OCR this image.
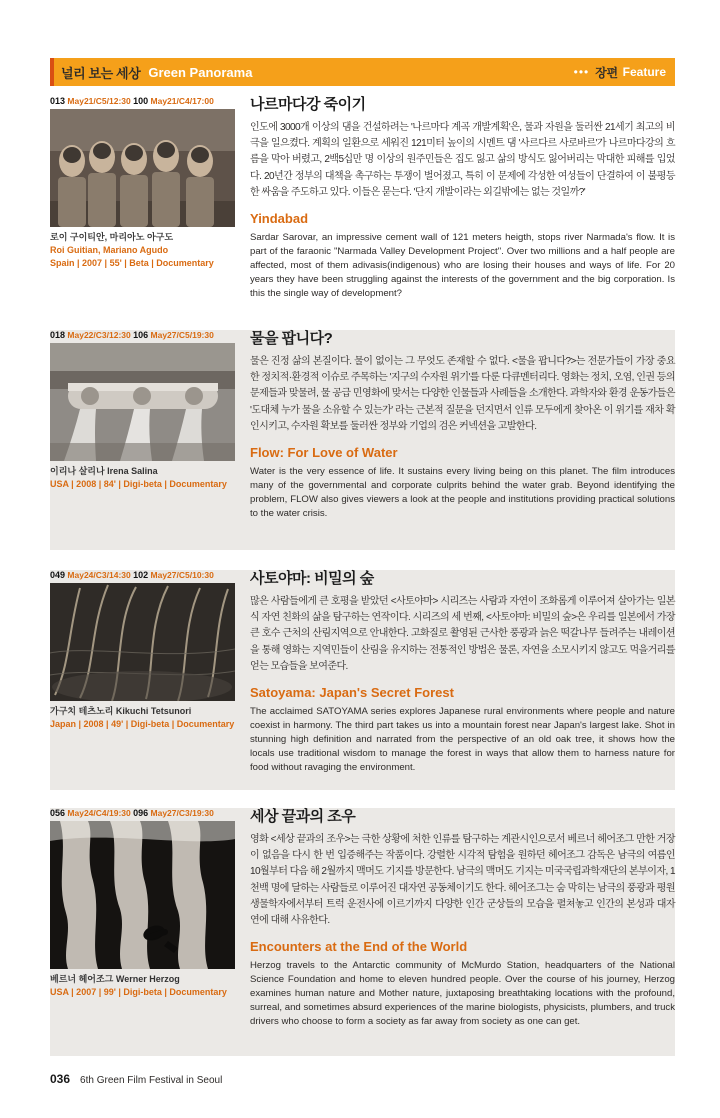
널리 보는 세상 Green Panorama	••• 장편 Feature
013 May21/C5/12:30 100 May21/C4/17:00
로이 구이티안, 마리아노 아구도
Roi Guitian, Mariano Agudo
Spain | 2007 | 55' | Beta | Documentary
나르마다강 죽이기

인도에 3000개 이상의 댐을 건설하려는 '나르마다 계곡 개발계획'은, 물과 자원을 둘러싼 21세기 최고의 비극을 일으켰다. 계획의 일환으로 세워진 121미터 높이의 시멘트 댐 '사르다르 사로바르'가 나르마다강의 흐름을 막아 버렸고, 2백5십만 명 이상의 원주민들은 집도 잃고 삶의 방식도 잃어버리는 막대한 피해를 입었다. 20년간 정부의 대책을 촉구하는 투쟁이 벌어졌고, 특히 이 문제에 각성한 여성들이 단결하여 이 불평등한 싸움을 주도하고 있다. 이들은 묻는다. '단지 개발이라는 외길밖에는 없는 것일까?'

Yindabad

Sardar Sarovar, an impressive cement wall of 121 meters heigth, stops river Narmada's flow. It is part of the faraonic "Narmada Valley Development Project". Over two millions and a half people are affected, most of them adivasis(indigenous) who are losing their houses and ways of life. For 20 years they have been struggling against the interests of the government and the big corporation. Is this the single way of development?

018 May22/C3/12:30 106 May27/C5/19:30
이리나 살리나 Irena Salina
USA | 2008 | 84' | Digi-beta | Documentary
물을 팝니다?

물은 진정 삶의 본질이다. 물이 없이는 그 무엇도 존재할 수 없다. <물을 팝니다?>는 전문가들이 가장 중요한 정치적·환경적 이슈로 주목하는 '지구의 수자원 위기'를 다룬 다큐멘터리다. 영화는 정치, 오염, 인권 등의 문제들과 맞물려, 물 공급 민영화에 맞서는 다양한 인물들과 사례들을 소개한다. 과학자와 환경 운동가들은 '도대체 누가 물을 소유할 수 있는가' 라는 근본적 질문을 던지면서 인류 모두에게 찾아온 이 위기를 재차 확인시키고, 수자원 확보를 둘러싼 정부와 기업의 검은 커넥션을 고발한다.

Flow: For Love of Water

Water is the very essence of life. It sustains every living being on this planet. The film introduces many of the governmental and corporate culprits behind the water grab. Beyond identifying the problem, FLOW also gives viewers a look at the people and institutions providing practical solutions to the water crisis.

049 May24/C3/14:30 102 May27/C5/10:30
가구치 테츠노리 Kikuchi Tetsunori
Japan | 2008 | 49' | Digi-beta | Documentary
사토야마: 비밀의 숲

많은 사람들에게 큰 호평을 받았던 <사토야마> 시리즈는 사람과 자연이 조화롭게 이루어져 살아가는 일본식 자연 친화의 삶을 탐구하는 연작이다. 시리즈의 세 번째, <사토야마: 비밀의 숲>은 우리를 일본에서 가장 큰 호수 근처의 산림지역으로 안내한다. 고화질로 촬영된 근사한 풍광과 늙은 떡갈나무 들려주는 내레이션을 통해 영화는 지역민들이 산림을 유지하는 전통적인 방법은 물론, 자연을 소모시키지 않고도 먹을거리를 얻는 모습들을 보여준다.

Satoyama: Japan's Secret Forest

The acclaimed SATOYAMA series explores Japanese rural environments where people and nature coexist in harmony. The third part takes us into a mountain forest near Japan's largest lake. Shot in stunning high definition and narrated from the perspective of an old oak tree, it shows how the locals use traditional wisdom to manage the forest in ways that allow them to harness nature for food without ravaging the environment.

056 May24/C4/19:30 096 May27/C3/19:30
베르너 헤어조그 Werner Herzog
USA | 2007 | 99' | Digi-beta | Documentary
세상 끝과의 조우

영화 <세상 끝과의 조우>는 극한 상황에 처한 인류를 탐구하는 계관시인으로서 베르너 헤어조그 만한 거장이 없음을 다시 한 번 입증해주는 작품이다. 강렬한 시각적 탐험을 원하던 헤어조그 감독은 남극의 여름인 10월부터 다음 해 2월까지 맥머도 기지를 방문한다. 남극의 맥머도 기지는 미국국립과학재단의 본부이자, 1천백 명에 달하는 사람들로 이루어진 대자연 공동체이기도 한다. 헤어조그는 숨 막히는 남극의 풍광과 평원 생물학자에서부터 트럭 운전사에 이르기까지 다양한 인간 군상들의 모습을 펼쳐놓고 인간의 본성과 대자연에 대해 사유한다.

Encounters at the End of the World

Herzog travels to the Antarctic community of McMurdo Station, headquarters of the National Science Foundation and home to eleven hundred people. Over the course of his journey, Herzog examines human nature and Mother nature, juxtaposing breathtaking locations with the profound, surreal, and sometimes absurd experiences of the marine biologists, physicists, plumbers, and truck drivers who choose to form a society as far away from society as one can get.

036 6th Green Film Festival in Seoul
